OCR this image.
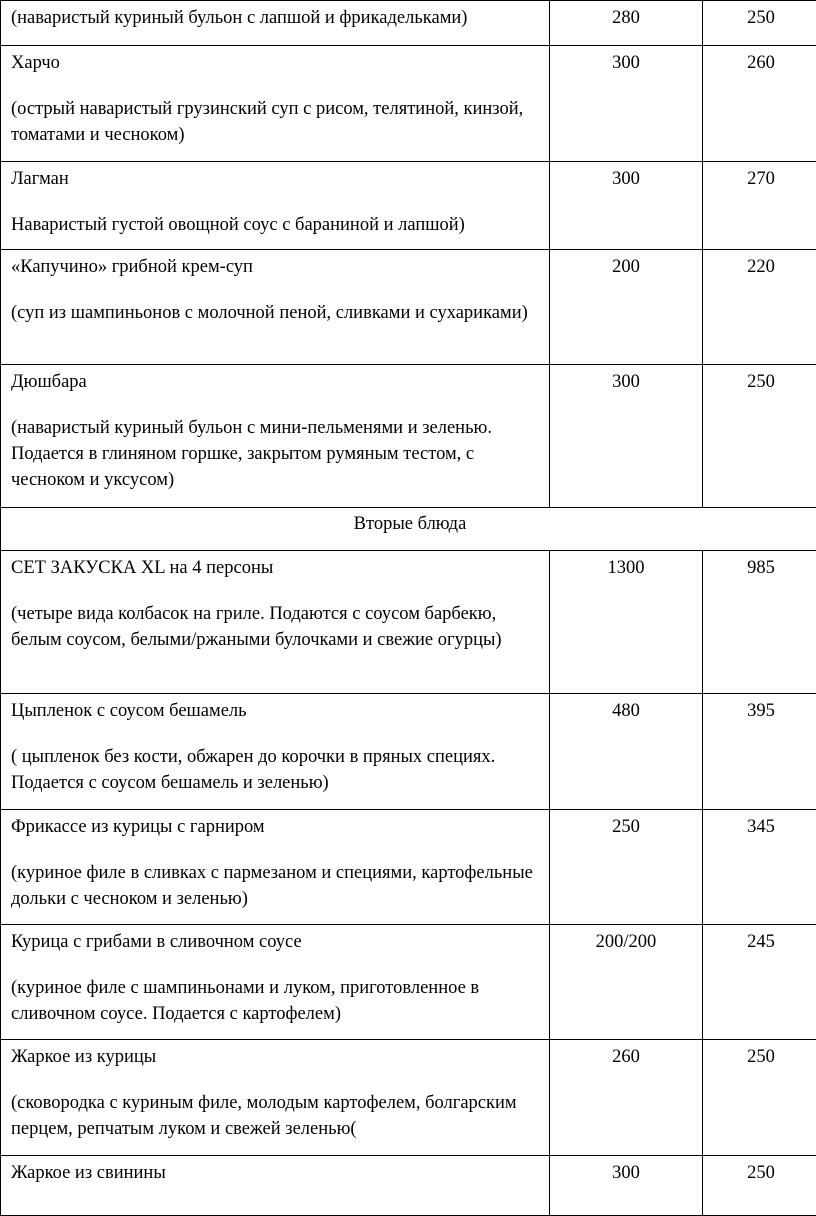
(наваристый куриный бульон с лапшой и фрикадельками)	280	250

Харчо
(острый наваристый грузинский суп с рисом, телятиной, кинзой, томатами и чесноком)	300	260

Лагман
Наваристый густой овощной соус с бараниной и лапшой)	300	270

«Капучино» грибной крем-суп
(суп из шампиньонов с молочной пеной, сливками и сухариками)	200	220

Дюшбара
(наваристый куриный бульон с мини-пельменями и зеленью. Подается в глиняном горшке, закрытом румяным тестом, с чесноком и уксусом)	300	250

Вторые блюда		

СЕТ ЗАКУСКА XL на 4 персоны
(четыре вида колбасок на гриле. Подаются с соусом барбекю, белым соусом, белыми/ржаными булочками и свежие огурцы)	1300	985

Цыпленок с соусом бешамель
( цыпленок без кости, обжарен до корочки в пряных специях. Подается с соусом бешамель и зеленью)	480	395

Фрикассе из курицы с гарниром
(куриное филе в сливках с пармезаном и специями, картофельные дольки с чесноком и зеленью)	250	345

Курица с грибами в сливочном соусе
(куриное филе с шампиньонами и луком, приготовленное в сливочном соусе. Подается с картофелем)	200/200	245

Жаркое из курицы
(сковородка с куриным филе, молодым картофелем, болгарским перцем, репчатым луком и свежей зеленью(	260	250

Жаркое из свинины	300	250
